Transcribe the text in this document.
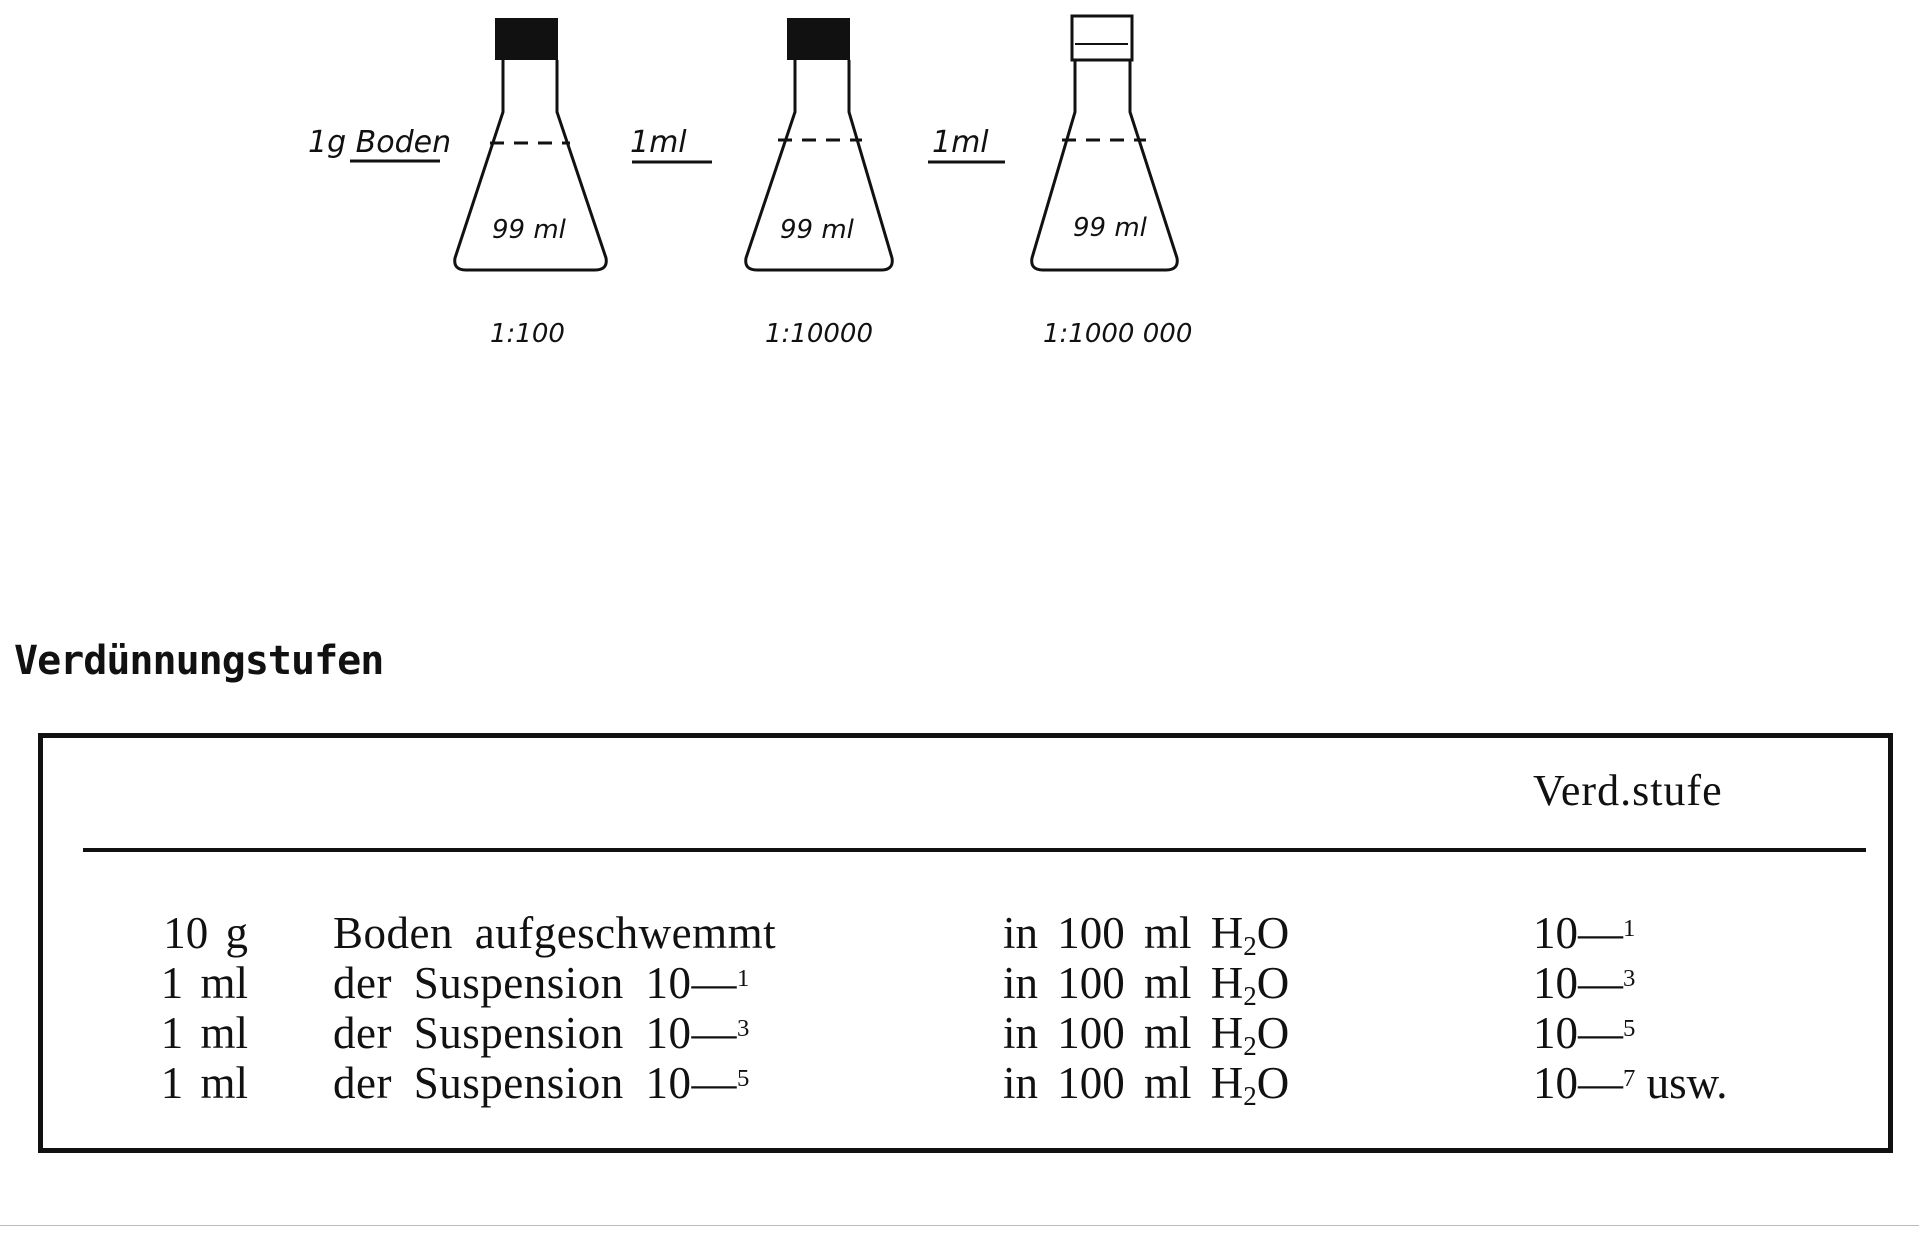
1g Boden
99 ml
1:100
1ml
99 ml
1:10000
1ml
99 ml
1:1000 000
Verdünnungstufen
Verd.stufe
10 g Boden aufgeschwemmt	in 100 ml $H_2O$	10—$^1$
1 ml der Suspension 10—$^1$	in 100 ml $H_2O$	10—$^3$
1 ml der Suspension 10—$^3$	in 100 ml $H_2O$	10—$^5$
1 ml der Suspension 10—$^5$	in 100 ml $H_2O$	10—$^7$ usw.
